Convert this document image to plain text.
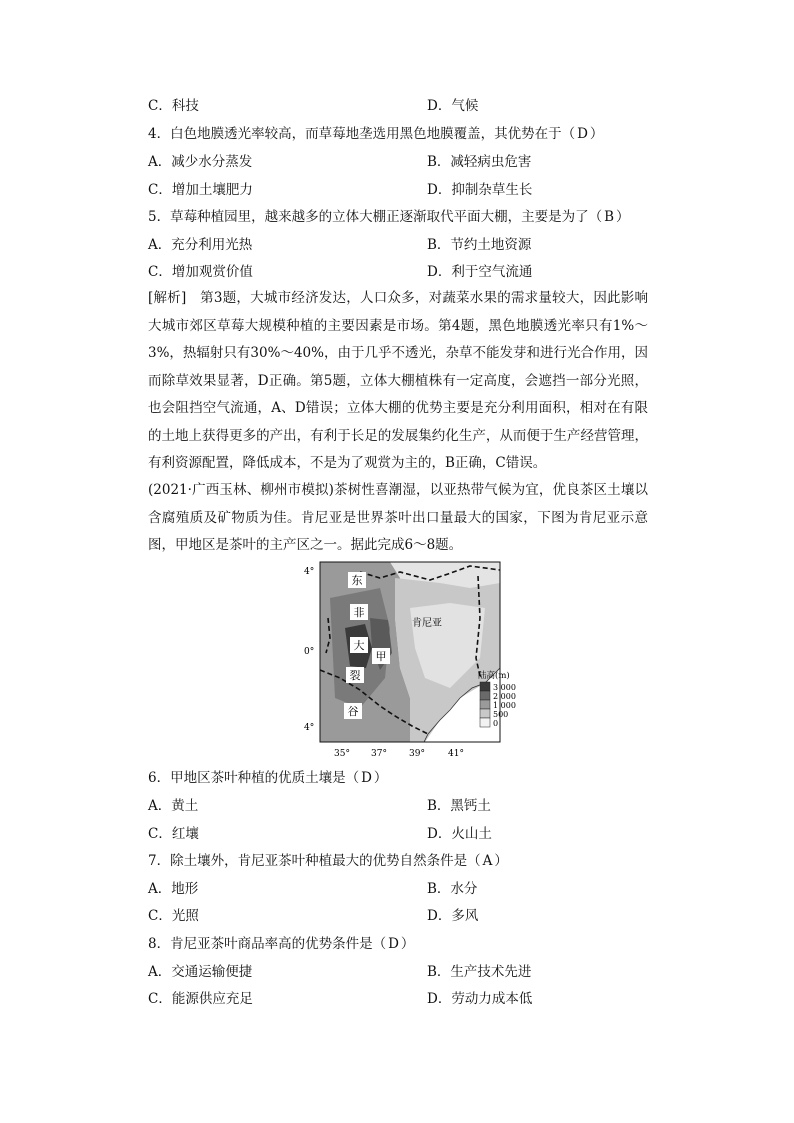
C．科技	D．气候
4．白色地膜透光率较高，而草莓地垄选用黑色地膜覆盖，其优势在于（ D ）
A．减少水分蒸发	B．减轻病虫危害
C．增加土壤肥力	D．抑制杂草生长
5．草莓种植园里，越来越多的立体大棚正逐渐取代平面大棚，主要是为了（ B ）
A．充分利用光热	B．节约土地资源
C．增加观赏价值	D．利于空气流通
[解析]　第3题，大城市经济发达，人口众多，对蔬菜水果的需求量较大，因此影响大城市郊区草莓大规模种植的主要因素是市场。第4题，黑色地膜透光率只有1%～3%，热辐射只有30%～40%，由于几乎不透光，杂草不能发芽和进行光合作用，因而除草效果显著，D正确。第5题，立体大棚植株有一定高度，会遮挡一部分光照，也会阻挡空气流通，A、D错误；立体大棚的优势主要是充分利用面积，相对在有限的土地上获得更多的产出，有利于长足的发展集约化生产，从而便于生产经营管理，有利资源配置，降低成本，不是为了观赏为主的，B正确，C错误。
(2021·广西玉林、柳州市模拟)茶树性喜潮湿，以亚热带气候为宜，优良茶区土壤以含腐殖质及矿物质为佳。肯尼亚是世界茶叶出口量最大的国家，下图为肯尼亚示意图，甲地区是茶叶的主产区之一。据此完成6～8题。
4°
0°
4°
35° 37° 39°	41°
东
非
大
裂
谷
甲
肯尼亚
陆高(m)
3 000
2 000
1 000
500
0
6．甲地区茶叶种植的优质土壤是（ D ）
A．黄土	B．黑钙土
C．红壤	D．火山土
7．除土壤外，肯尼亚茶叶种植最大的优势自然条件是（ A ）
A．地形	B．水分
C．光照	D．多风
8．肯尼亚茶叶商品率高的优势条件是（ D ）
A．交通运输便捷	B．生产技术先进
C．能源供应充足	D．劳动力成本低
